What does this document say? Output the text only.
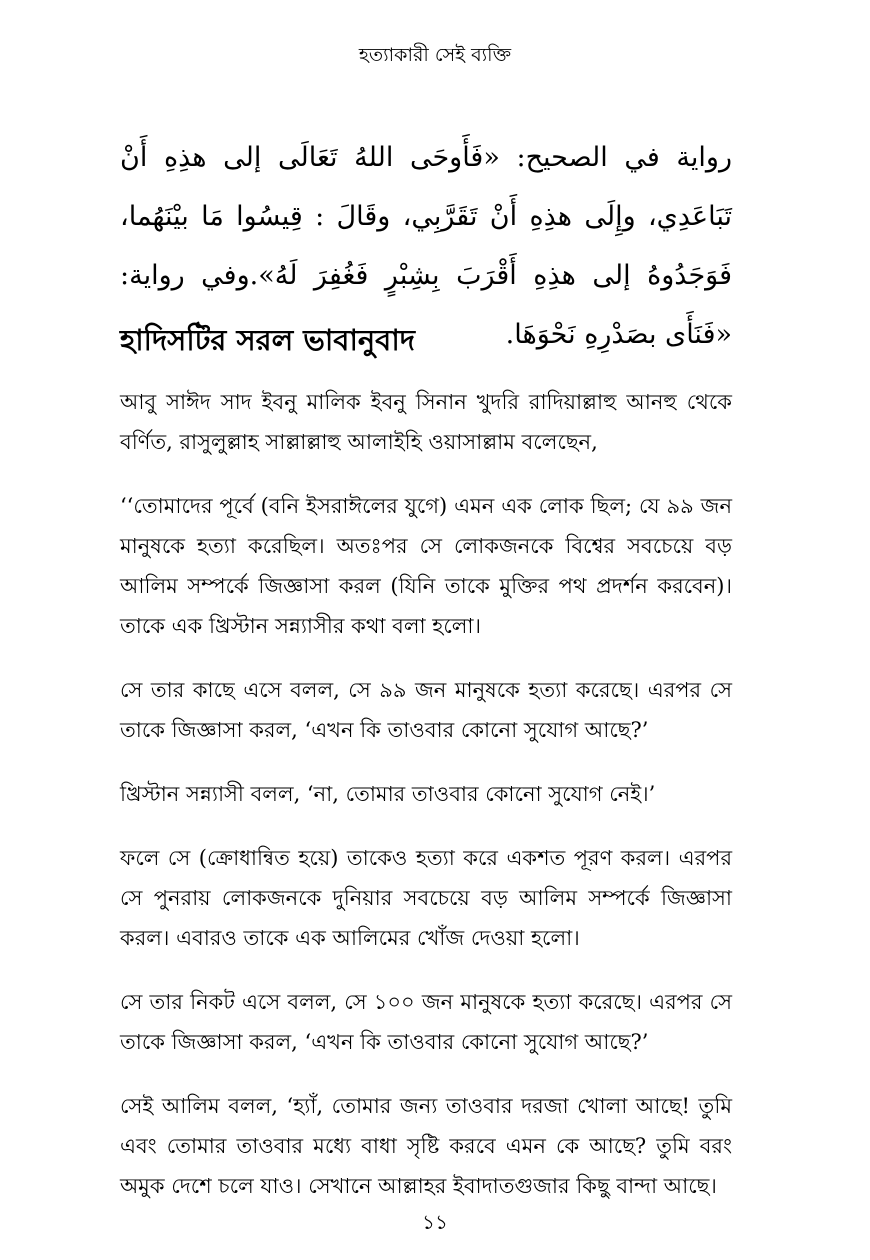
হত্যাকারী সেই ব্যক্তি
رواية في الصحيح: «فَأَوحَى اللهُ تَعَالَى إلى هذِهِ أَنْ تَبَاعَدِي، وإِلَى هذِهِ أَنْ تَقَرَّبِي، وقَالَ : قِيسُوا مَا بيْنَهُما، فَوَجَدُوهُ إلى هذِهِ أَقْرَبَ بِشِبْرٍ فَغُفِرَ لَهُ».وفي رواية: «فَنَأَى بصَدْرِهِ نَحْوَهَا.
হাদিসটির সরল ভাবানুবাদ

আবু সাঈদ সাদ ইবনু মালিক ইবনু সিনান খুদরি রাদিয়াল্লাহু আনহু থেকে বর্ণিত, রাসুলুল্লাহ সাল্লাল্লাহু আলাইহি ওয়াসাল্লাম বলেছেন,

‘‘তোমাদের পূর্বে (বনি ইসরাঈলের যুগে) এমন এক লোক ছিল; যে ৯৯ জন মানুষকে হত্যা করেছিল। অতঃপর সে লোকজনকে বিশ্বের সবচেয়ে বড় আলিম সম্পর্কে জিজ্ঞাসা করল (যিনি তাকে মুক্তির পথ প্রদর্শন করবেন)। তাকে এক খ্রিস্টান সন্ন্যাসীর কথা বলা হলো।

সে তার কাছে এসে বলল, সে ৯৯ জন মানুষকে হত্যা করেছে। এরপর সে তাকে জিজ্ঞাসা করল, ‘এখন কি তাওবার কোনো সুযোগ আছে?’

খ্রিস্টান সন্ন্যাসী বলল, ‘না, তোমার তাওবার কোনো সুযোগ নেই।’

ফলে সে (ক্রোধান্বিত হয়ে) তাকেও হত্যা করে একশত পূরণ করল। এরপর সে পুনরায় লোকজনকে দুনিয়ার সবচেয়ে বড় আলিম সম্পর্কে জিজ্ঞাসা করল। এবারও তাকে এক আলিমের খোঁজ দেওয়া হলো।

সে তার নিকট এসে বলল, সে ১০০ জন মানুষকে হত্যা করেছে। এরপর সে তাকে জিজ্ঞাসা করল, ‘এখন কি তাওবার কোনো সুযোগ আছে?’

সেই আলিম বলল, ‘হ্যাঁ, তোমার জন্য তাওবার দরজা খোলা আছে! তুমি এবং তোমার তাওবার মধ্যে বাধা সৃষ্টি করবে এমন কে আছে? তুমি বরং অমুক দেশে চলে যাও। সেখানে আল্লাহর ইবাদাতগুজার কিছু বান্দা আছে।

১১
